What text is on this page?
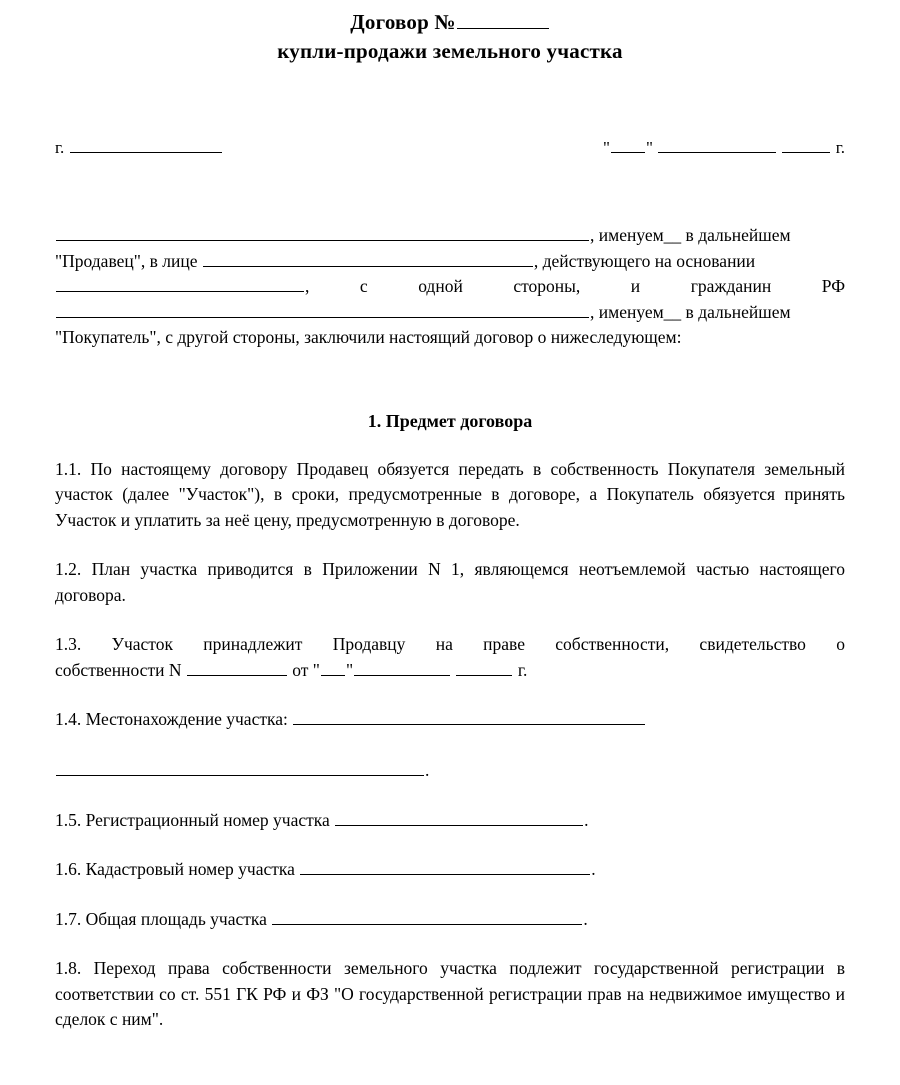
Договор №
купли-продажи земельного участка
г.	" "	г.

, именуем__ в дальнейшем

"Продавец", в лице	, действующего на основании

,	с	одной	стороны,	и	гражданин	РФ

, именуем__ в дальнейшем

"Покупатель", с другой стороны, заключили настоящий договор о нижеследующем:

1. Предмет договора
1.1. По настоящему договору Продавец обязуется передать в собственность Покупателя земельный участок (далее "Участок"), в сроки, предусмотренные в договоре, а Покупатель обязуется принять Участок и уплатить за неё цену, предусмотренную в договоре.
1.2. План участка приводится в Приложении N 1, являющемся неотъемлемой частью настоящего договора.

1.3. Участок принадлежит Продавцу на праве собственности, свидетельство о

собственности N	от " "	г.

1.4. Местонахождение участка:

.

1.5. Регистрационный номер участка	.

1.6. Кадастровый номер участка	.

1.7. Общая площадь участка	.

1.8. Переход права собственности земельного участка подлежит государственной регистрации в соответствии со ст. 551 ГК РФ и ФЗ "О государственной регистрации прав на недвижимое имущество и сделок с ним".
